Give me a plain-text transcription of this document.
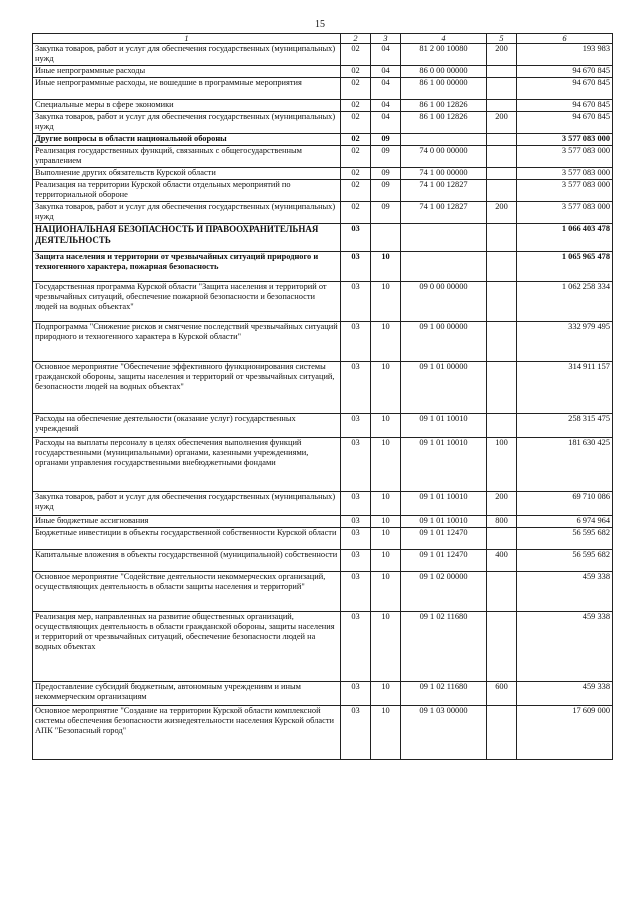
15
1	2	3	4	5	6
Закупка товаров, работ и услуг для обеспечения государственных (муниципальных) нужд	02	04	81 2 00 10080	200	193 983
Иные непрограммные расходы	02	04	86 0 00 00000		94 670 845
Иные непрограммные расходы, не вошедшие в программные мероприятия	02	04	86 1 00 00000		94 670 845
Специальные меры в сфере экономики	02	04	86 1 00 12826		94 670 845
Закупка товаров, работ и услуг для обеспечения государственных (муниципальных) нужд	02	04	86 1 00 12826	200	94 670 845
Другие вопросы в области национальной обороны	02	09			3 577 083 000
Реализация государственных функций, связанных с общегосударственным управлением	02	09	74 0 00 00000		3 577 083 000
Выполнение других обязательств Курской области	02	09	74 1 00 00000		3 577 083 000
Реализация на территории Курской области отдельных мероприятий по территориальной обороне	02	09	74 1 00 12827		3 577 083 000
Закупка товаров, работ и услуг для обеспечения государственных (муниципальных) нужд	02	09	74 1 00 12827	200	3 577 083 000
НАЦИОНАЛЬНАЯ БЕЗОПАСНОСТЬ И ПРАВООХРАНИТЕЛЬНАЯ ДЕЯТЕЛЬНОСТЬ	03				1 066 403 478
Защита населения и территории от чрезвычайных ситуаций природного и техногенного характера, пожарная безопасность	03	10			1 065 965 478
Государственная программа Курской области "Защита населения и территорий от чрезвычайных ситуаций, обеспечение пожарной безопасности и безопасности людей на водных объектах"	03	10	09 0 00 00000		1 062 258 334
Подпрограмма "Снижение рисков и смягчение последствий чрезвычайных ситуаций природного и техногенного характера в Курской области"	03	10	09 1 00 00000		332 979 495
Основное мероприятие "Обеспечение эффективного функционирования системы гражданской обороны, защиты населения и территорий от чрезвычайных ситуаций, безопасности людей на водных объектах"	03	10	09 1 01 00000		314 911 157
Расходы на обеспечение деятельности (оказание услуг) государственных учреждений	03	10	09 1 01 10010		258 315 475
Расходы на выплаты персоналу в целях обеспечения выполнения функций государственными (муниципальными) органами, казенными учреждениями, органами управления государственными внебюджетными фондами	03	10	09 1 01 10010	100	181 630 425
Закупка товаров, работ и услуг для обеспечения государственных (муниципальных) нужд	03	10	09 1 01 10010	200	69 710 086
Иные бюджетные ассигнования	03	10	09 1 01 10010	800	6 974 964
Бюджетные инвестиции в объекты государственной собственности Курской области	03	10	09 1 01 12470		56 595 682
Капитальные вложения в объекты государственной (муниципальной) собственности	03	10	09 1 01 12470	400	56 595 682
Основное мероприятие "Содействие деятельности некоммерческих организаций, осуществляющих деятельность в области защиты населения и территорий"	03	10	09 1 02 00000		459 338
Реализация мер, направленных на развитие общественных организаций, осуществляющих деятельность в области гражданской обороны, защиты населения и территорий от чрезвычайных ситуаций, обеспечение безопасности людей на водных объектах	03	10	09 1 02 11680		459 338
Предоставление субсидий бюджетным, автономным учреждениям и иным некоммерческим организациям	03	10	09 1 02 11680	600	459 338
Основное мероприятие "Создание на территории Курской области комплексной системы обеспечения безопасности жизнедеятельности населения Курской области АПК "Безопасный город"	03	10	09 1 03 00000		17 609 000
